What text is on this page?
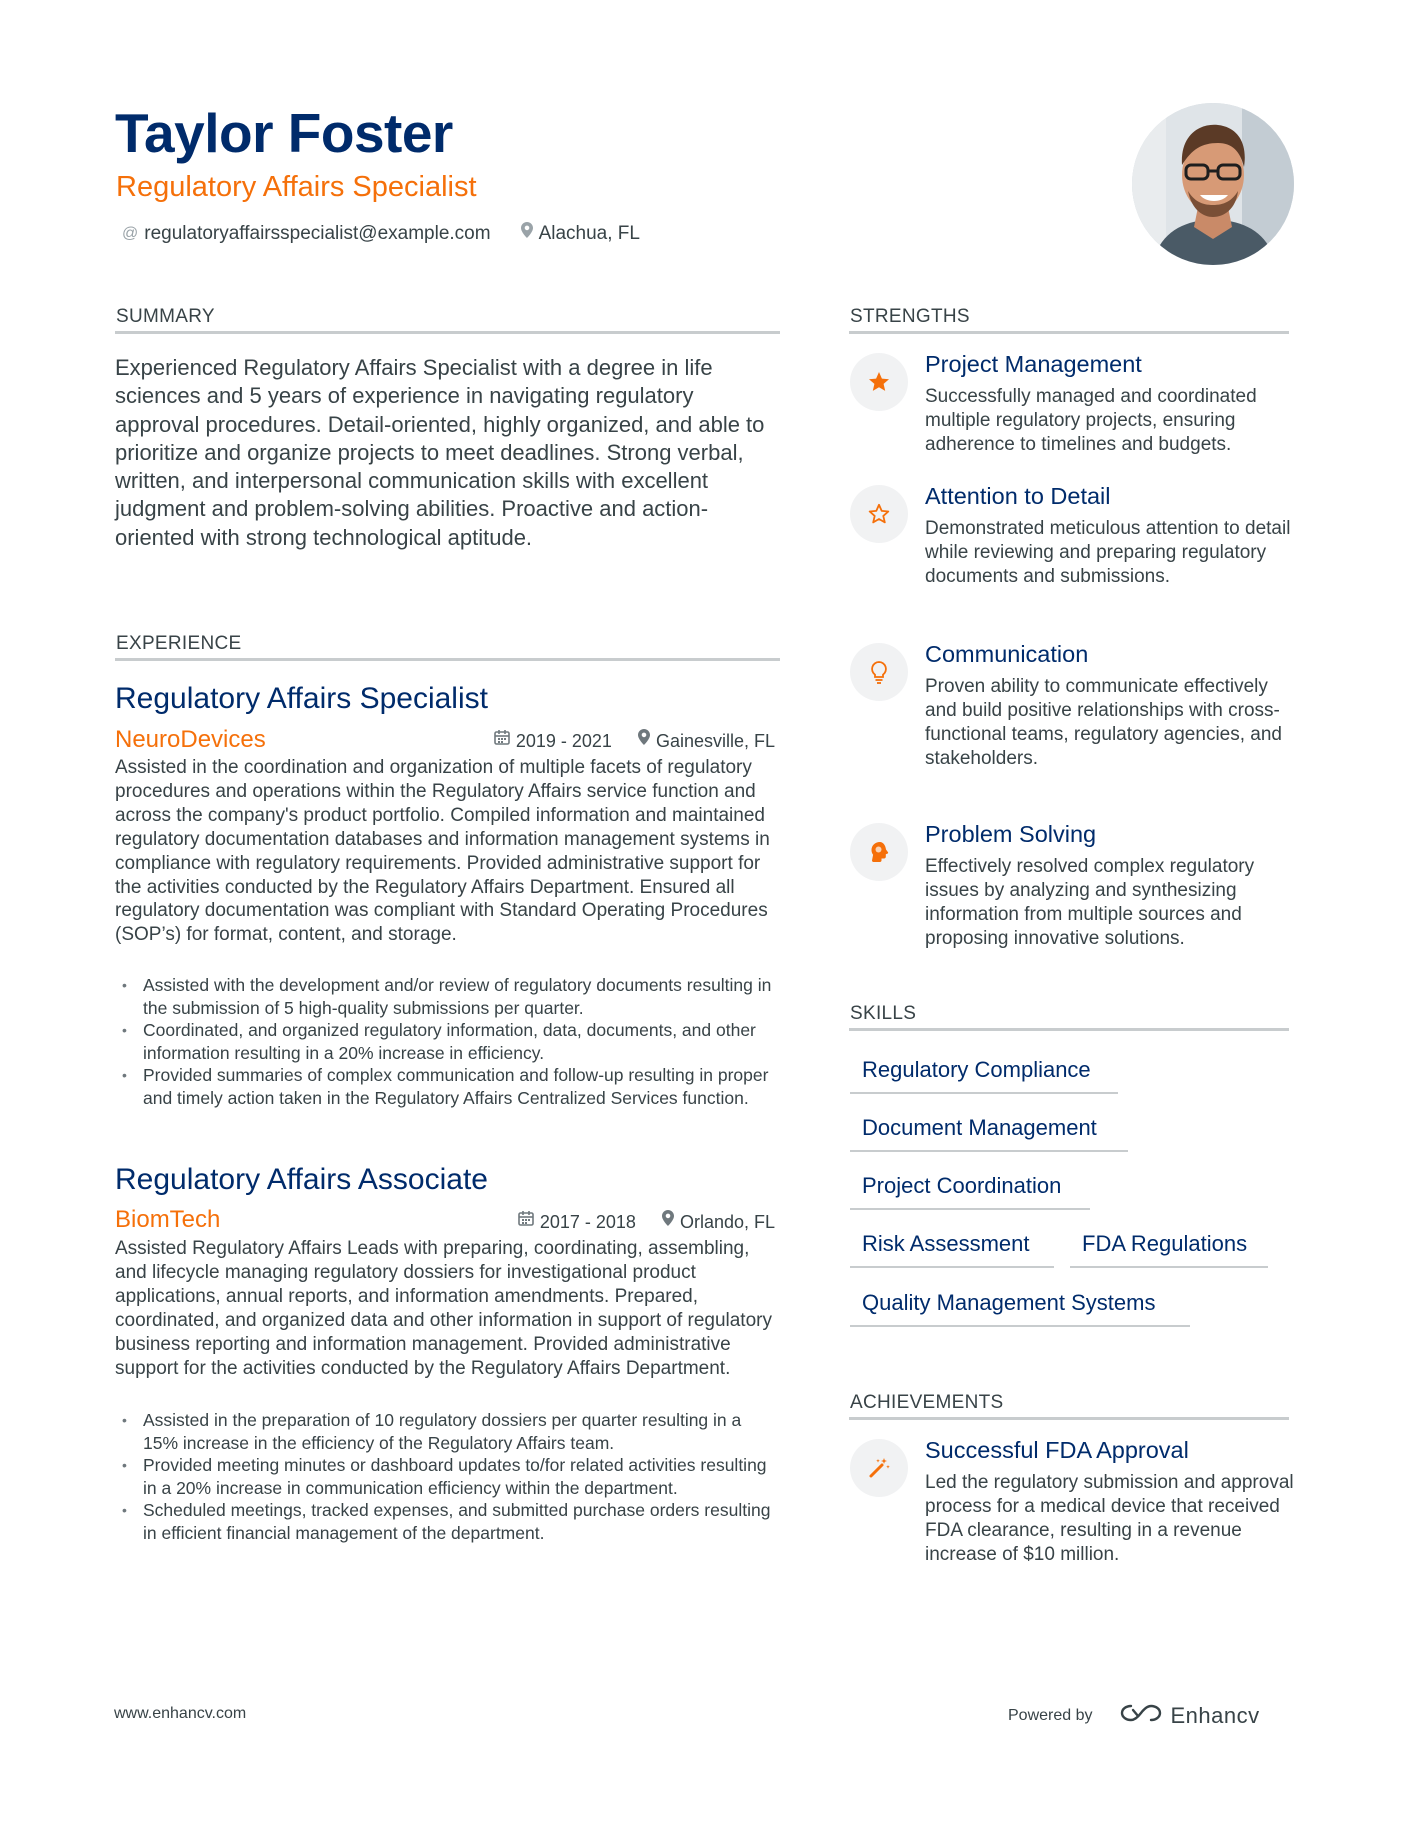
Taylor Foster
Regulatory Affairs Specialist
@ regulatoryaffairsspecialist@example.com	Alachua, FL
SUMMARY
Experienced Regulatory Affairs Specialist with a degree in life sciences and 5 years of experience in navigating regulatory approval procedures. Detail-oriented, highly organized, and able to prioritize and organize projects to meet deadlines. Strong verbal, written, and interpersonal communication skills with excellent judgment and problem-solving abilities. Proactive and action-oriented with strong technological aptitude.
EXPERIENCE
Regulatory Affairs Specialist
NeuroDevices	2019 - 2021 Gainesville, FL
Assisted in the coordination and organization of multiple facets of regulatory procedures and operations within the Regulatory Affairs service function and across the company's product portfolio. Compiled information and maintained regulatory documentation databases and information management systems in compliance with regulatory requirements. Provided administrative support for the activities conducted by the Regulatory Affairs Department. Ensured all regulatory documentation was compliant with Standard Operating Procedures (SOP’s) for format, content, and storage.
• Assisted with the development and/or review of regulatory documents resulting in the submission of 5 high-quality submissions per quarter.
• Coordinated, and organized regulatory information, data, documents, and other information resulting in a 20% increase in efficiency.
• Provided summaries of complex communication and follow-up resulting in proper and timely action taken in the Regulatory Affairs Centralized Services function.
Regulatory Affairs Associate
BiomTech	2017 - 2018 Orlando, FL
Assisted Regulatory Affairs Leads with preparing, coordinating, assembling, and lifecycle managing regulatory dossiers for investigational product applications, annual reports, and information amendments. Prepared, coordinated, and organized data and other information in support of regulatory business reporting and information management. Provided administrative support for the activities conducted by the Regulatory Affairs Department.
• Assisted in the preparation of 10 regulatory dossiers per quarter resulting in a 15% increase in the efficiency of the Regulatory Affairs team.
• Provided meeting minutes or dashboard updates to/for related activities resulting in a 20% increase in communication efficiency within the department.
• Scheduled meetings, tracked expenses, and submitted purchase orders resulting in efficient financial management of the department.
STRENGTHS
Project Management
Successfully managed and coordinated multiple regulatory projects, ensuring adherence to timelines and budgets.
Attention to Detail
Demonstrated meticulous attention to detail while reviewing and preparing regulatory documents and submissions.
Communication
Proven ability to communicate effectively and build positive relationships with cross-functional teams, regulatory agencies, and stakeholders.
Problem Solving
Effectively resolved complex regulatory issues by analyzing and synthesizing information from multiple sources and proposing innovative solutions.
SKILLS
Regulatory Compliance
Document Management
Project Coordination
Risk Assessment	FDA Regulations
Quality Management Systems
ACHIEVEMENTS
Successful FDA Approval
Led the regulatory submission and approval process for a medical device that received FDA clearance, resulting in a revenue increase of $10 million.
www.enhancv.com	Powered by	Enhancv
